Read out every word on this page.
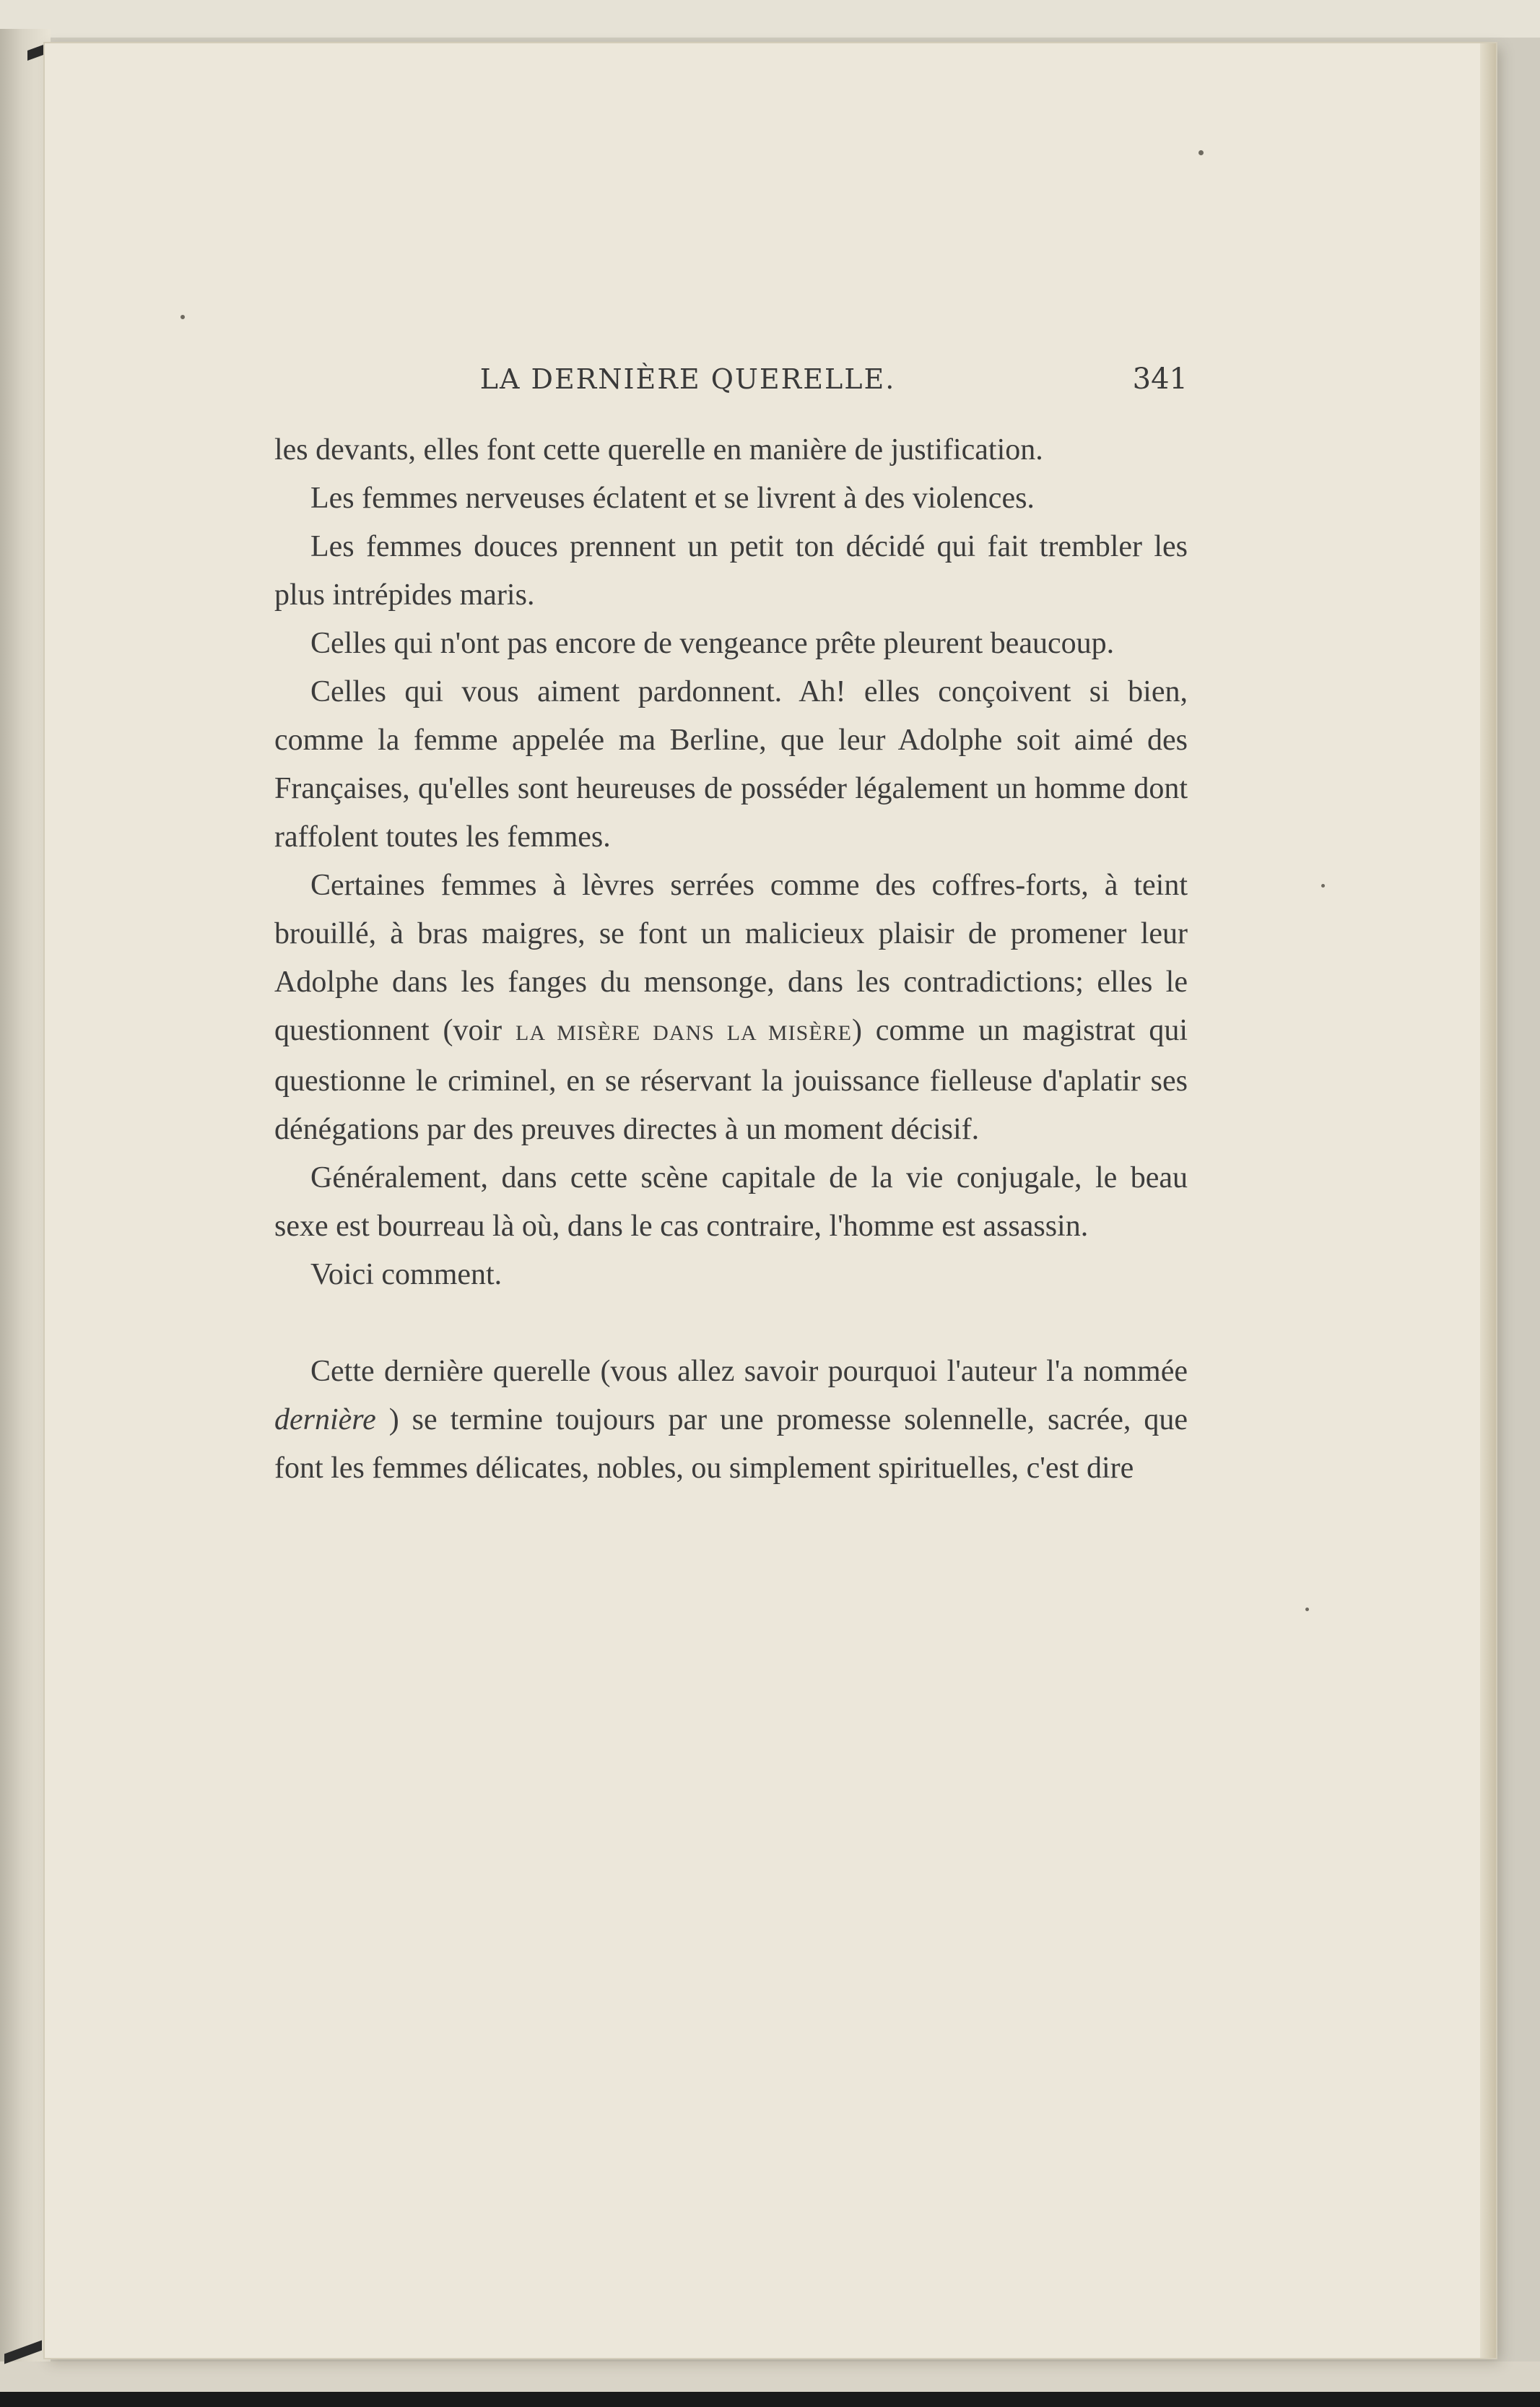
LA DERNIÈRE QUERELLE.	341

les devants, elles font cette querelle en manière de justification.

Les femmes nerveuses éclatent et se livrent à des violences.

Les femmes douces prennent un petit ton décidé qui fait trembler les plus intrépides maris.

Celles qui n'ont pas encore de vengeance prête pleurent beaucoup.

Celles qui vous aiment pardonnent. Ah! elles conçoivent si bien, comme la femme appelée ma Berline, que leur Adolphe soit aimé des Françaises, qu'elles sont heureuses de posséder légalement un homme dont raffolent toutes les femmes.

Certaines femmes à lèvres serrées comme des coffres-forts, à teint brouillé, à bras maigres, se font un malicieux plaisir de promener leur Adolphe dans les fanges du mensonge, dans les contradictions; elles le questionnent (voir LA MISÈRE DANS LA MISÈRE) comme un magistrat qui questionne le criminel, en se réservant la jouissance fielleuse d'aplatir ses dénégations par des preuves directes à un moment décisif.

Généralement, dans cette scène capitale de la vie conjugale, le beau sexe est bourreau là où, dans le cas contraire, l'homme est assassin.

Voici comment.

Cette dernière querelle (vous allez savoir pourquoi l'auteur l'a nommée dernière ) se termine toujours par une promesse solennelle, sacrée, que font les femmes délicates, nobles, ou simplement spirituelles, c'est dire
